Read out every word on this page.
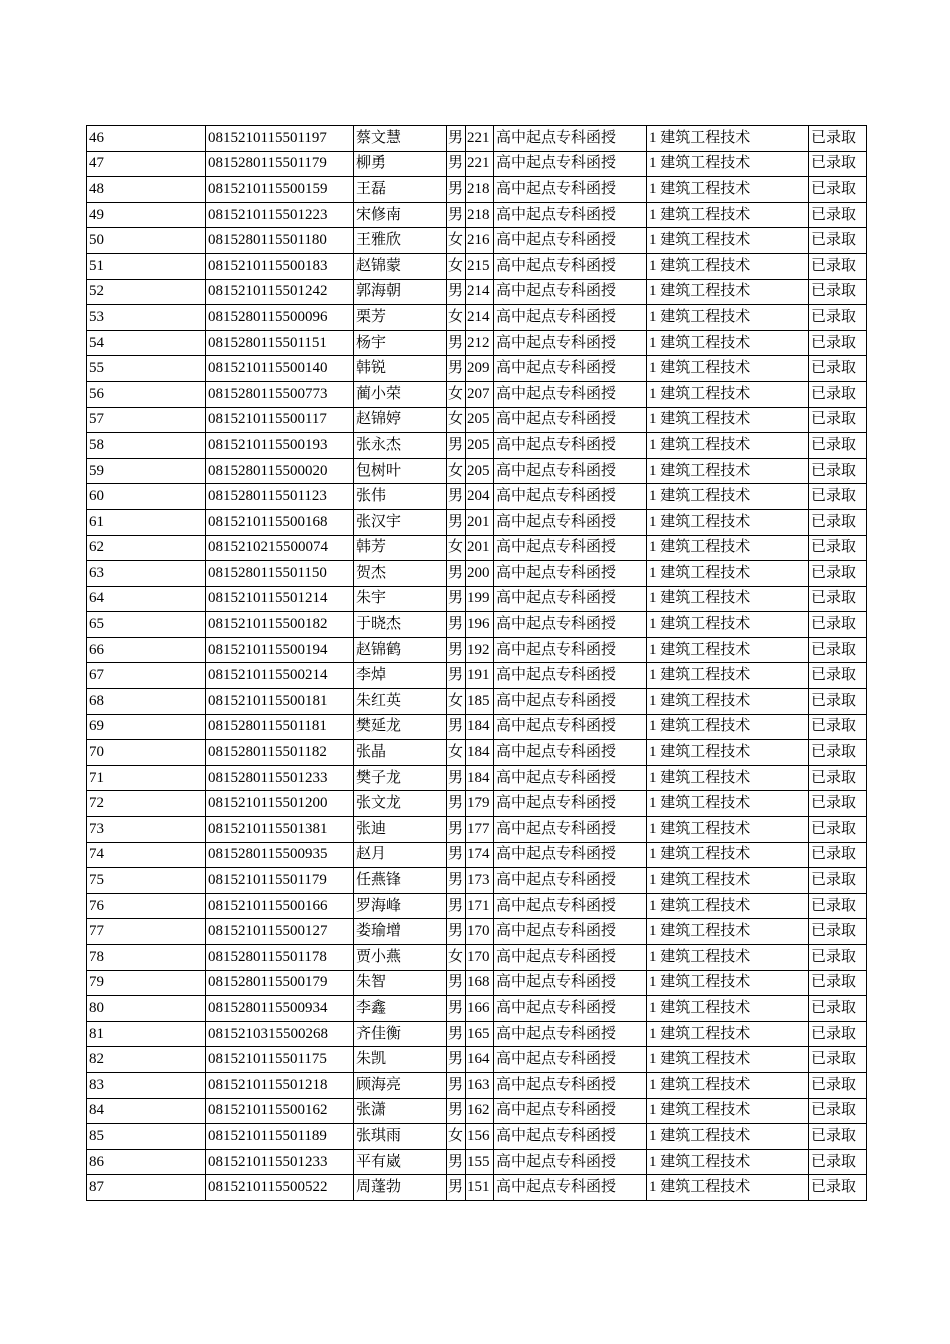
46	0815210115501197	蔡文慧	男	221	高中起点专科函授	1 建筑工程技术	已录取
47	0815280115501179	柳勇	男	221	高中起点专科函授	1 建筑工程技术	已录取
48	0815210115500159	王磊	男	218	高中起点专科函授	1 建筑工程技术	已录取
49	0815210115501223	宋修南	男	218	高中起点专科函授	1 建筑工程技术	已录取
50	0815280115501180	王雅欣	女	216	高中起点专科函授	1 建筑工程技术	已录取
51	0815210115500183	赵锦蒙	女	215	高中起点专科函授	1 建筑工程技术	已录取
52	0815210115501242	郭海朝	男	214	高中起点专科函授	1 建筑工程技术	已录取
53	0815280115500096	栗芳	女	214	高中起点专科函授	1 建筑工程技术	已录取
54	0815280115501151	杨宇	男	212	高中起点专科函授	1 建筑工程技术	已录取
55	0815210115500140	韩锐	男	209	高中起点专科函授	1 建筑工程技术	已录取
56	0815280115500773	蔺小荣	女	207	高中起点专科函授	1 建筑工程技术	已录取
57	0815210115500117	赵锦婷	女	205	高中起点专科函授	1 建筑工程技术	已录取
58	0815210115500193	张永杰	男	205	高中起点专科函授	1 建筑工程技术	已录取
59	0815280115500020	包树叶	女	205	高中起点专科函授	1 建筑工程技术	已录取
60	0815280115501123	张伟	男	204	高中起点专科函授	1 建筑工程技术	已录取
61	0815210115500168	张汉宇	男	201	高中起点专科函授	1 建筑工程技术	已录取
62	0815210215500074	韩芳	女	201	高中起点专科函授	1 建筑工程技术	已录取
63	0815280115501150	贺杰	男	200	高中起点专科函授	1 建筑工程技术	已录取
64	0815210115501214	朱宇	男	199	高中起点专科函授	1 建筑工程技术	已录取
65	0815210115500182	于晓杰	男	196	高中起点专科函授	1 建筑工程技术	已录取
66	0815210115500194	赵锦鹤	男	192	高中起点专科函授	1 建筑工程技术	已录取
67	0815210115500214	李焯	男	191	高中起点专科函授	1 建筑工程技术	已录取
68	0815210115500181	朱红英	女	185	高中起点专科函授	1 建筑工程技术	已录取
69	0815280115501181	樊延龙	男	184	高中起点专科函授	1 建筑工程技术	已录取
70	0815280115501182	张晶	女	184	高中起点专科函授	1 建筑工程技术	已录取
71	0815280115501233	樊子龙	男	184	高中起点专科函授	1 建筑工程技术	已录取
72	0815210115501200	张文龙	男	179	高中起点专科函授	1 建筑工程技术	已录取
73	0815210115501381	张迪	男	177	高中起点专科函授	1 建筑工程技术	已录取
74	0815280115500935	赵月	男	174	高中起点专科函授	1 建筑工程技术	已录取
75	0815210115501179	任燕锋	男	173	高中起点专科函授	1 建筑工程技术	已录取
76	0815210115500166	罗海峰	男	171	高中起点专科函授	1 建筑工程技术	已录取
77	0815210115500127	娄瑜增	男	170	高中起点专科函授	1 建筑工程技术	已录取
78	0815280115501178	贾小燕	女	170	高中起点专科函授	1 建筑工程技术	已录取
79	0815280115500179	朱智	男	168	高中起点专科函授	1 建筑工程技术	已录取
80	0815280115500934	李鑫	男	166	高中起点专科函授	1 建筑工程技术	已录取
81	0815210315500268	齐佳衡	男	165	高中起点专科函授	1 建筑工程技术	已录取
82	0815210115501175	朱凯	男	164	高中起点专科函授	1 建筑工程技术	已录取
83	0815210115501218	顾海亮	男	163	高中起点专科函授	1 建筑工程技术	已录取
84	0815210115500162	张潇	男	162	高中起点专科函授	1 建筑工程技术	已录取
85	0815210115501189	张琪雨	女	156	高中起点专科函授	1 建筑工程技术	已录取
86	0815210115501233	平有崴	男	155	高中起点专科函授	1 建筑工程技术	已录取
87	0815210115500522	周蓬勃	男	151	高中起点专科函授	1 建筑工程技术	已录取
